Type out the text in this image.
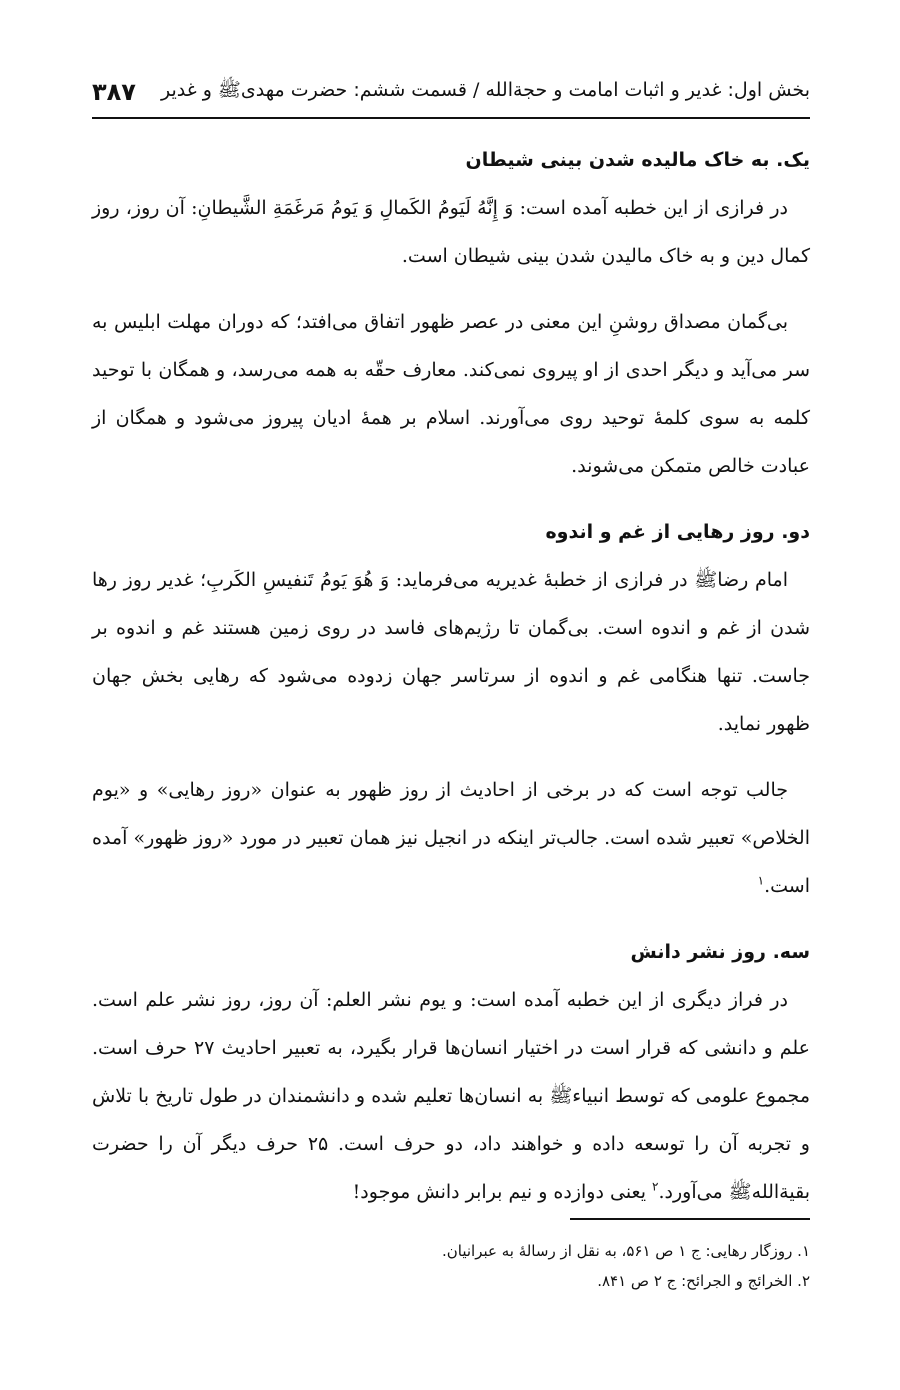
بخش اول: غدیر و اثبات امامت و حجةالله / قسمت ششم: حضرت مهدی‌ﷺ و غدیر
۳۸۷
یک. به خاک مالیده شدن بینی شیطان

در فرازی از این خطبه آمده است: وَ إِنَّهُ لَيَومُ الکَمالِ وَ يَومُ مَرغَمَةِ الشَّيطانِ: آن روز، روز کمال دین و به خاک مالیدن شدن بینی شیطان است.

بی‌گمان مصداق روشنِ این معنی در عصر ظهور اتفاق می‌افتد؛ که دوران مهلت ابلیس به سر می‌آید و دیگر احدی از او پیروی نمی‌کند. معارف حقّه به همه می‌رسد، و همگان با توحید کلمه به سوی کلمهٔ توحید روی می‌آورند. اسلام بر همهٔ ادیان پیروز می‌شود و همگان از عبادت خالص متمکن می‌شوند.

دو. روز رهایی از غم و اندوه

امام رضاﷺ در فرازی از خطبهٔ غدیریه می‌فرماید: وَ هُوَ يَومُ تَنفيسِ الکَربِ؛ غدیر روز رها شدن از غم و اندوه است. بی‌گمان تا رژیم‌های فاسد در روی زمین هستند غم و اندوه بر جاست. تنها هنگامی غم و اندوه از سرتاسر جهان زدوده می‌شود که رهایی بخش جهان ظهور نماید.

جالب توجه است که در برخی از احادیث از روز ظهور به عنوان «روز رهایی» و «یوم الخلاص» تعبیر شده است. جالب‌تر اینکه در انجیل نیز همان تعبیر در مورد «روز ظهور» آمده است.$^۱$

سه. روز نشر دانش

در فراز دیگری از این خطبه آمده است: و یوم نشر العلم: آن روز، روز نشر علم است. علم و دانشی که قرار است در اختیار انسان‌ها قرار بگیرد، به تعبیر احادیث ۲۷ حرف است. مجموع علومی که توسط انبیاءﷺ به انسان‌ها تعلیم شده و دانشمندان در طول تاریخ با تلاش و تجربه آن را توسعه داده و خواهند داد، دو حرف است. ۲۵ حرف دیگر آن را حضرت بقیةاللهﷺ می‌آورد.$^۲$ یعنی دوازده و نیم برابر دانش موجود!

۱. روزگار رهایی: ج ۱ ص ۵۶۱، به نقل از رسالهٔ به عبرانیان.
۲. الخرائج و الجرائح: ج ۲ ص ۸۴۱.
